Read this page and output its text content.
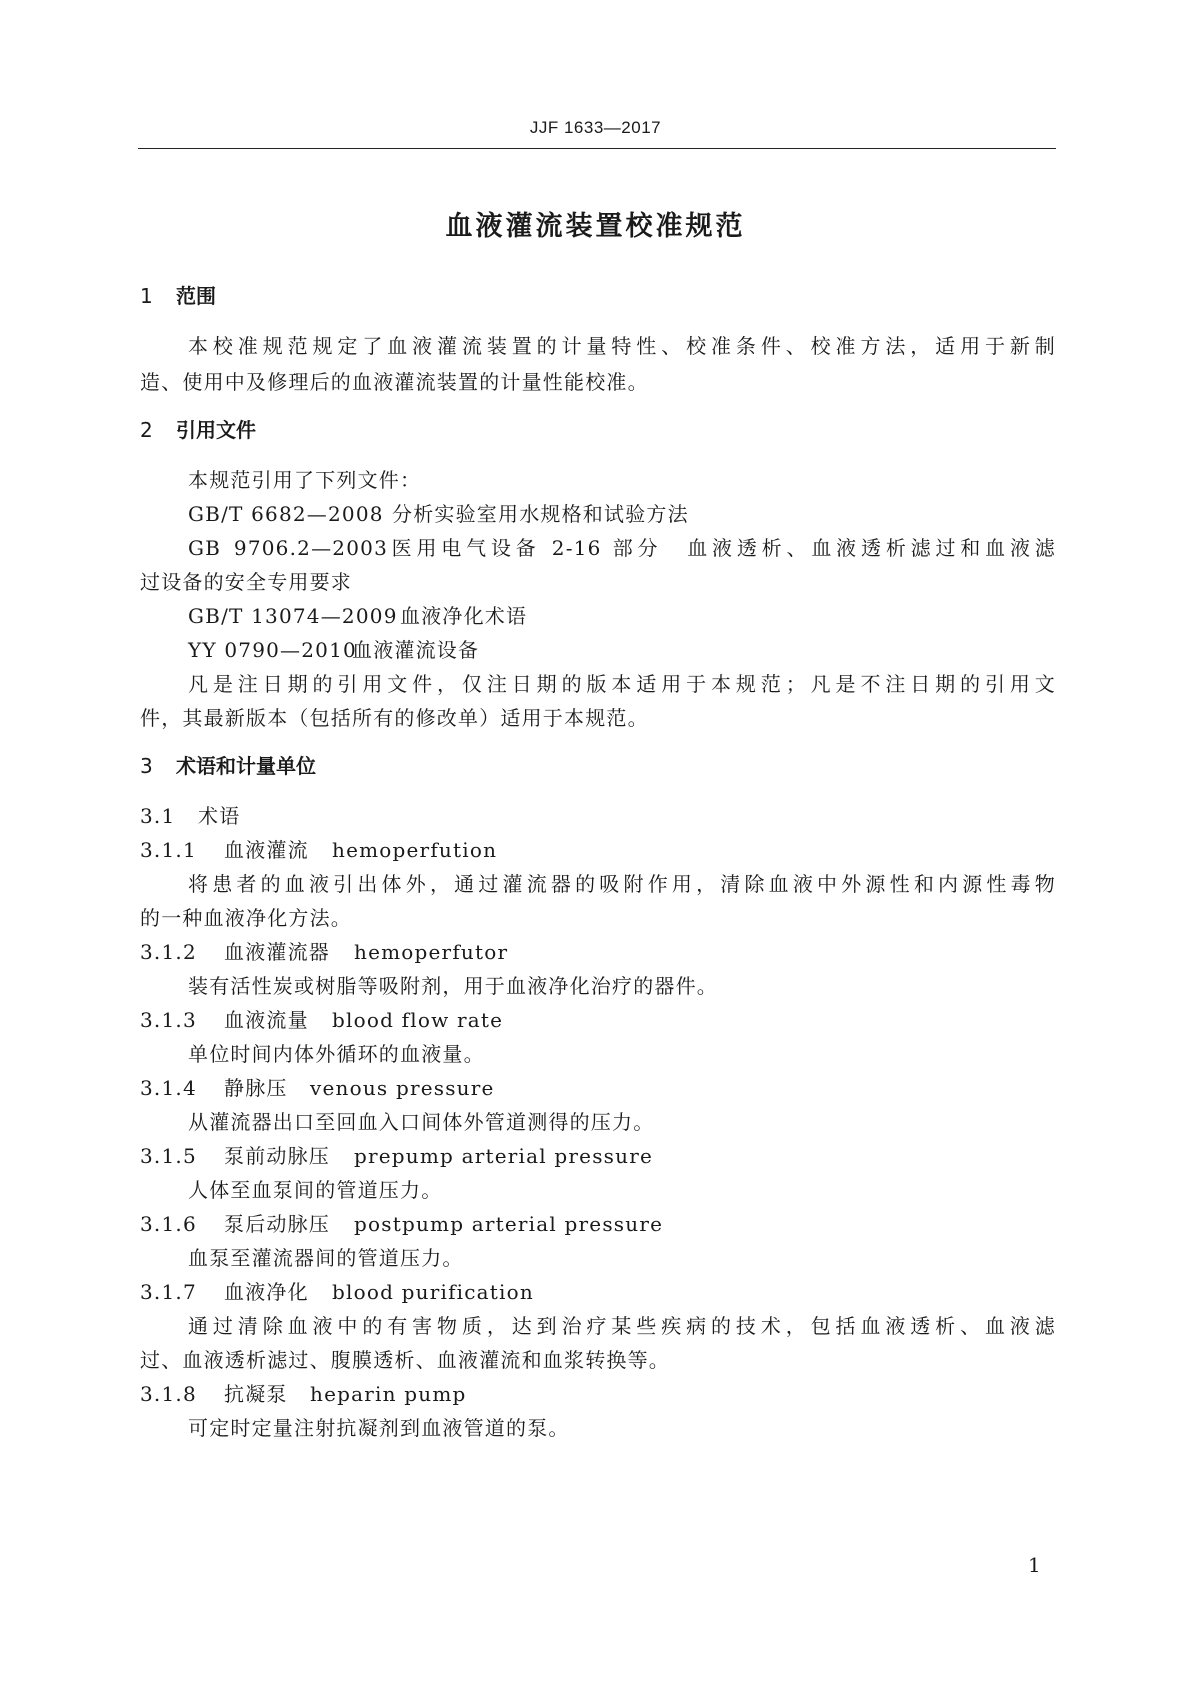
JJF 1633—2017
血液灌流装置校准规范
1 范围
本校准规范规定了血液灌流装置的计量特性、校准条件、校准方法，适用于新制
造、使用中及修理后的血液灌流装置的计量性能校准。
2 引用文件
本规范引用了下列文件：
GB/T 6682—2008 分析实验室用水规格和试验方法
GB 9706.2—2003医用电气设备 2-16 部分　血液透析、血液透析滤过和血液滤
过设备的安全专用要求
GB/T 13074—2009 血液净化术语
YY 0790—2010血液灌流设备
凡是注日期的引用文件，仅注日期的版本适用于本规范；凡是不注日期的引用文
件，其最新版本（包括所有的修改单）适用于本规范。
3 术语和计量单位
3.1 术语
3.1.1 血液灌流 hemoperfution
将患者的血液引出体外，通过灌流器的吸附作用，清除血液中外源性和内源性毒物
的一种血液净化方法。
3.1.2 血液灌流器 hemoperfutor
装有活性炭或树脂等吸附剂，用于血液净化治疗的器件。
3.1.3 血液流量 blood flow rate
单位时间内体外循环的血液量。
3.1.4 静脉压 venous pressure
从灌流器出口至回血入口间体外管道测得的压力。
3.1.5 泵前动脉压 prepump arterial pressure
人体至血泵间的管道压力。
3.1.6 泵后动脉压 postpump arterial pressure
血泵至灌流器间的管道压力。
3.1.7 血液净化 blood purification
通过清除血液中的有害物质，达到治疗某些疾病的技术，包括血液透析、血液滤
过、血液透析滤过、腹膜透析、血液灌流和血浆转换等。
3.1.8 抗凝泵 heparin pump
可定时定量注射抗凝剂到血液管道的泵。
1
